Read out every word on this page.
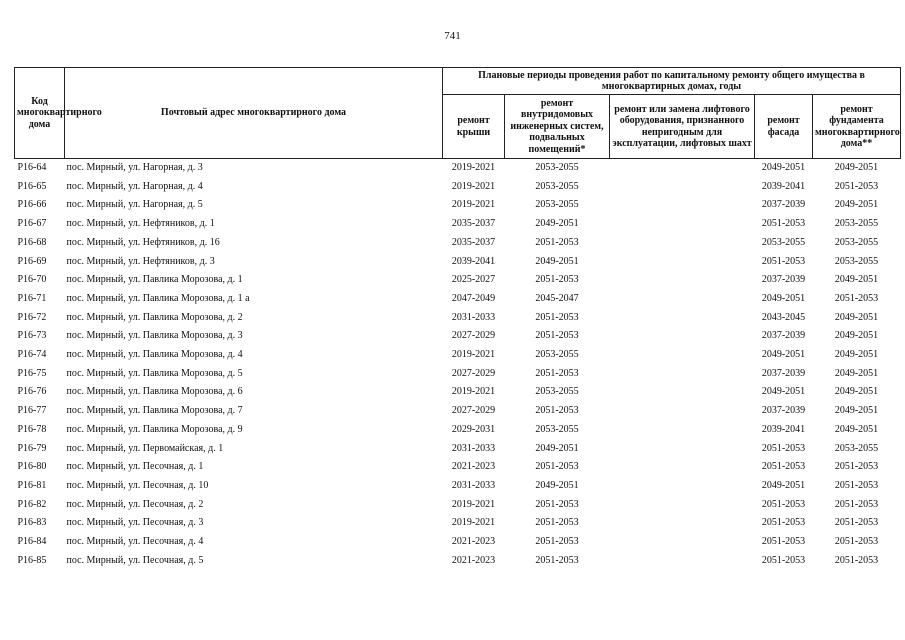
741
Код многоквартирного дома	Почтовый адрес многоквартирного дома	Плановые периоды проведения работ по капитальному ремонту общего имущества в многоквартирных домах, годы				
		ремонт крыши	ремонт внутридомовых инженерных систем, подвальных помещений*	ремонт или замена лифтового оборудования, признанного непригодным для эксплуатации, лифтовых шахт	ремонт фасада	ремонт фундамента многоквартирного дома**
Р16-64	пос. Мирный, ул. Нагорная, д. 3	2019-2021	2053-2055		2049-2051	2049-2051
Р16-65	пос. Мирный, ул. Нагорная, д. 4	2019-2021	2053-2055		2039-2041	2051-2053
Р16-66	пос. Мирный, ул. Нагорная, д. 5	2019-2021	2053-2055		2037-2039	2049-2051
Р16-67	пос. Мирный, ул. Нефтяников, д. 1	2035-2037	2049-2051		2051-2053	2053-2055
Р16-68	пос. Мирный, ул. Нефтяников, д. 16	2035-2037	2051-2053		2053-2055	2053-2055
Р16-69	пос. Мирный, ул. Нефтяников, д. 3	2039-2041	2049-2051		2051-2053	2053-2055
Р16-70	пос. Мирный, ул. Павлика Морозова, д. 1	2025-2027	2051-2053		2037-2039	2049-2051
Р16-71	пос. Мирный, ул. Павлика Морозова, д. 1 а	2047-2049	2045-2047		2049-2051	2051-2053
Р16-72	пос. Мирный, ул. Павлика Морозова, д. 2	2031-2033	2051-2053		2043-2045	2049-2051
Р16-73	пос. Мирный, ул. Павлика Морозова, д. 3	2027-2029	2051-2053		2037-2039	2049-2051
Р16-74	пос. Мирный, ул. Павлика Морозова, д. 4	2019-2021	2053-2055		2049-2051	2049-2051
Р16-75	пос. Мирный, ул. Павлика Морозова, д. 5	2027-2029	2051-2053		2037-2039	2049-2051
Р16-76	пос. Мирный, ул. Павлика Морозова, д. 6	2019-2021	2053-2055		2049-2051	2049-2051
Р16-77	пос. Мирный, ул. Павлика Морозова, д. 7	2027-2029	2051-2053		2037-2039	2049-2051
Р16-78	пос. Мирный, ул. Павлика Морозова, д. 9	2029-2031	2053-2055		2039-2041	2049-2051
Р16-79	пос. Мирный, ул. Первомайская, д. 1	2031-2033	2049-2051		2051-2053	2053-2055
Р16-80	пос. Мирный, ул. Песочная, д. 1	2021-2023	2051-2053		2051-2053	2051-2053
Р16-81	пос. Мирный, ул. Песочная, д. 10	2031-2033	2049-2051		2049-2051	2051-2053
Р16-82	пос. Мирный, ул. Песочная, д. 2	2019-2021	2051-2053		2051-2053	2051-2053
Р16-83	пос. Мирный, ул. Песочная, д. 3	2019-2021	2051-2053		2051-2053	2051-2053
Р16-84	пос. Мирный, ул. Песочная, д. 4	2021-2023	2051-2053		2051-2053	2051-2053
Р16-85	пос. Мирный, ул. Песочная, д. 5	2021-2023	2051-2053		2051-2053	2051-2053
